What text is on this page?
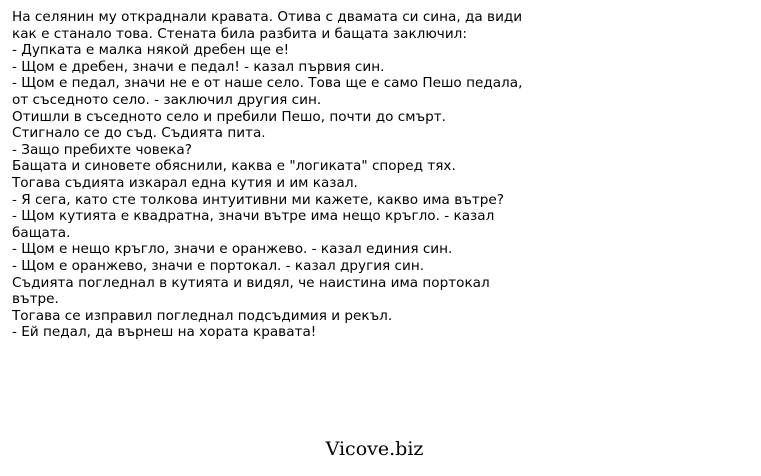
На селянин му откраднали кравата. Отива с двамата си сина, да види
как е станало това. Стената била разбита и бащата заключил:
- Дупката е малка някой дребен ще е!
- Щом е дребен, значи е педал! - казал първия син.
- Щом е педал, значи не е от наше село. Това ще е само Пешо педала,
от съседното село. - заключил другия син.
Отишли в съседното село и пребили Пешо, почти до смърт.
Стигнало се до съд. Съдията пита.
- Защо пребихте човека?
Бащата и синовете обяснили, каква е "логиката" според тях.
Тогава съдията изкарал една кутия и им казал.
- Я сега, като сте толкова интуитивни ми кажете, какво има вътре?
- Щом кутията е квадратна, значи вътре има нещо кръгло. - казал
бащата.
- Щом е нещо кръгло, значи е оранжево. - казал единия син.
- Щом е оранжево, значи е портокал. - казал другия син.
Съдията погледнал в кутията и видял, че наистина има портокал
вътре.
Тогава се изправил погледнал подсъдимия и рекъл.
- Ей педал, да върнеш на хората кравата!
Vicove.biz
